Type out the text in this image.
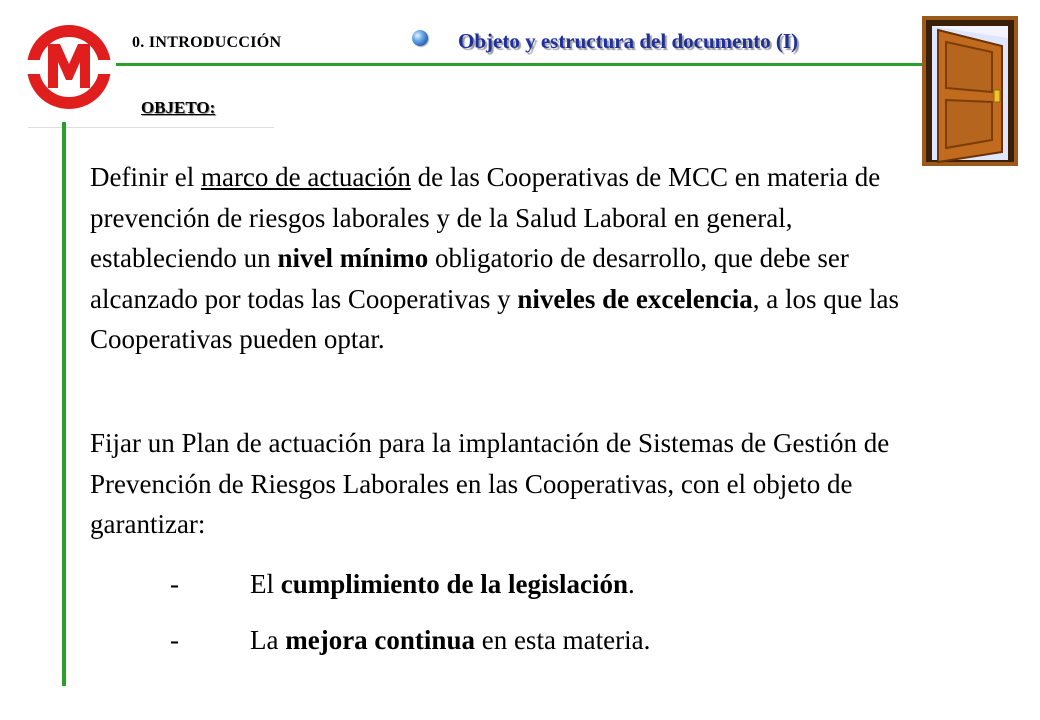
0. INTRODUCCIÓN	Objeto y estructura del documento (I)
OBJETO:

Definir el marco de actuación de las Cooperativas de MCC en materia de prevención de riesgos laborales y de la Salud Laboral en general, estableciendo un nivel mínimo obligatorio de desarrollo, que debe ser alcanzado por todas las Cooperativas y niveles de excelencia, a los que las Cooperativas pueden optar.

Fijar un Plan de actuación para la implantación de Sistemas de Gestión de Prevención de Riesgos Laborales en las Cooperativas, con el objeto de garantizar:

-	El cumplimiento de la legislación.
-	La mejora continua en esta materia.
